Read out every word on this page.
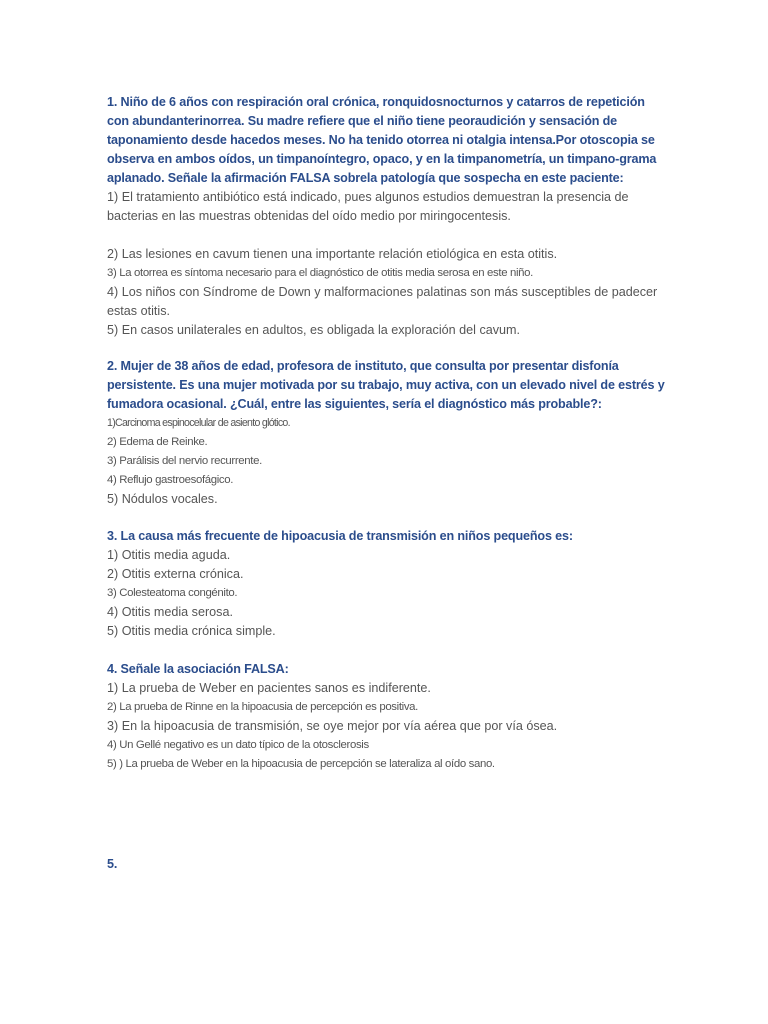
1. Niño de 6 años con respiración oral crónica, ronquidosnocturnos y catarros de repetición con abundanterinorrea. Su madre refiere que el niño tiene peoraudición y sensación de taponamiento desde hacedos meses. No ha tenido otorrea ni otalgia intensa.Por otoscopia se observa en ambos oídos, un timpanoíntegro, opaco, y en la timpanometría, un timpano-grama aplanado. Señale la afirmación FALSA sobrela patología que sospecha en este paciente:
1) El tratamiento antibiótico está indicado, pues algunos estudios demuestran la presencia de bacterias en las muestras obtenidas del oído medio por miringocentesis.
2) Las lesiones en cavum tienen una importante relación etiológica en esta otitis.
3) La otorrea es síntoma necesario para el diagnóstico de otitis media serosa en este niño.
4) Los niños con Síndrome de Down y malformaciones palatinas son más susceptibles de padecer estas otitis.
5) En casos unilaterales en adultos, es obligada la exploración del cavum.
2. Mujer de 38 años de edad, profesora de instituto, que consulta por presentar disfonía persistente. Es una mujer motivada por su trabajo, muy activa, con un elevado nivel de estrés y fumadora ocasional. ¿Cuál, entre las siguientes, sería el diagnóstico más probable?:
1)Carcinoma espinocelular de asiento glótico.
2) Edema de Reinke.
3) Parálisis del nervio recurrente.
4) Reflujo gastroesofágico.
5) Nódulos vocales.
3. La causa más frecuente de hipoacusia de transmisión en niños pequeños es:
1) Otitis media aguda.
2) Otitis externa crónica.
3) Colesteatoma congénito.
4) Otitis media serosa.
5) Otitis media crónica simple.
4. Señale la asociación FALSA:
1) La prueba de Weber en pacientes sanos es indiferente.
2) La prueba de Rinne en la hipoacusia de percepción es positiva.
3) En la hipoacusia de transmisión, se oye mejor por vía aérea que por vía ósea.
4) Un Gellé negativo es un dato típico de la otosclerosis
5) ) La prueba de Weber en la hipoacusia de percepción se lateraliza al oído sano.
5.
